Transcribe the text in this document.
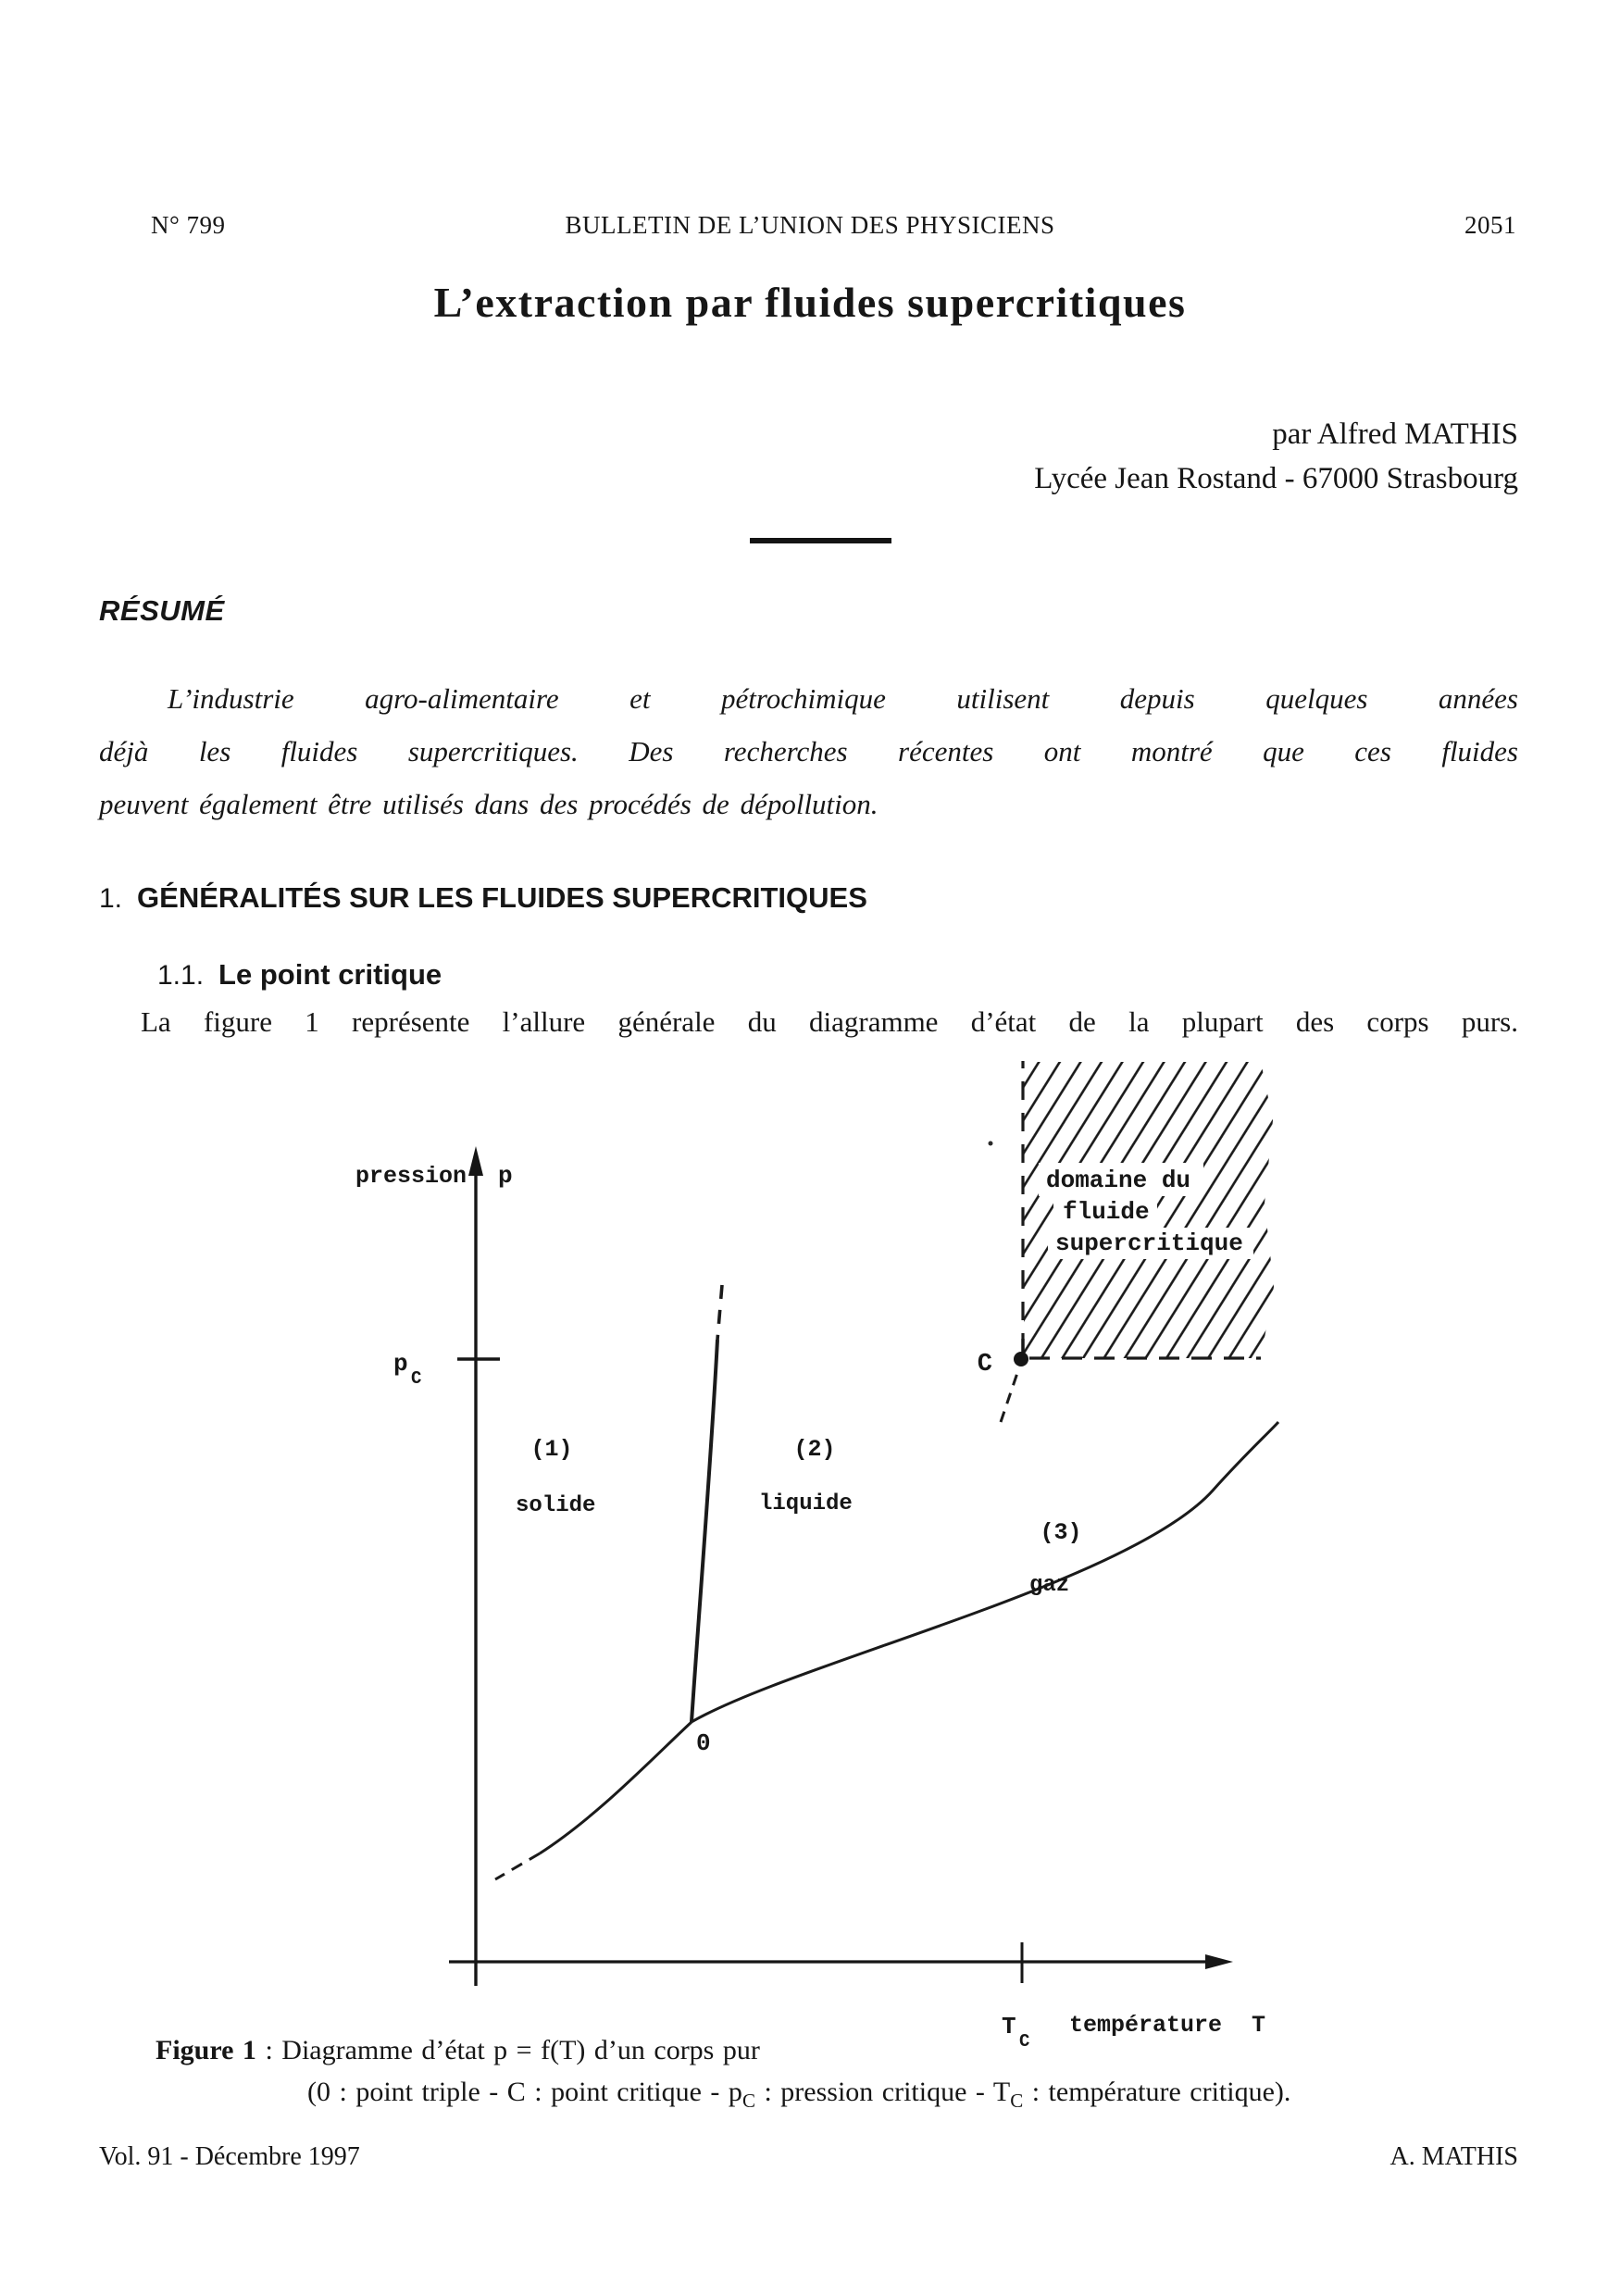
N° 799	BULLETIN DE L’UNION DES PHYSICIENS	2051
L’extraction par fluides supercritiques
par Alfred MATHIS
Lycée Jean Rostand - 67000 Strasbourg
RÉSUMÉ
L’industrie agro-alimentaire et pétrochimique utilisent depuis quelques années
déjà les fluides supercritiques. Des recherches récentes ont montré que ces fluides
peuvent également être utilisés dans des procédés de dépollution.
1. GÉNÉRALITÉS SUR LES FLUIDES SUPERCRITIQUES
1.1. Le point critique
La figure 1 représente l’allure générale du diagramme d’état de la plupart des corps purs.
domaine du
fluide
supercritique
pression p
T
C
température T
p
C	C
0
(1)	(2)
solide	liquide
(3)
gaz
Figure 1 : Diagramme d’état p = f(T) d’un corps pur
(0 : point triple - C : point critique - $p_C$ : pression critique - $T_C$ : température critique).
Vol. 91 - Décembre 1997	A. MATHIS
